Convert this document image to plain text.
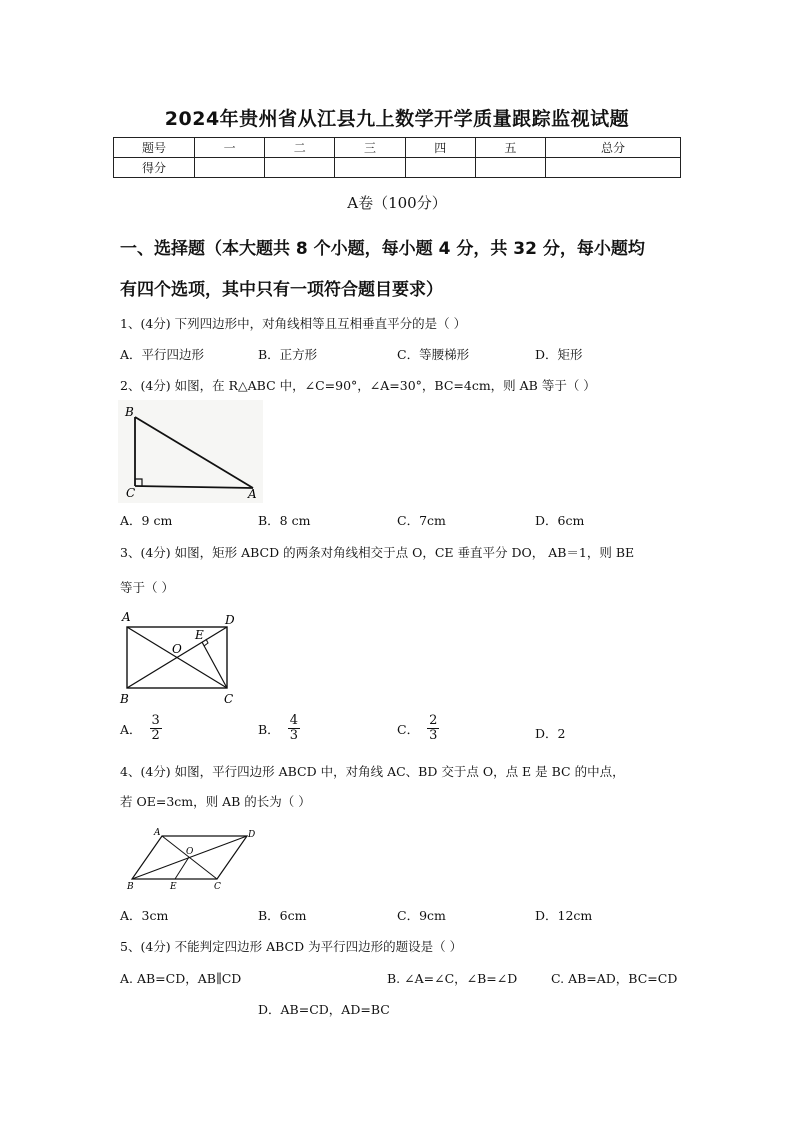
2024年贵州省从江县九上数学开学质量跟踪监视试题
题号	一	二	三	四	五	总分
得分						
A卷（100分）
一、选择题（本大题共 8 个小题，每小题 4 分，共 32 分，每小题均
有四个选项，其中只有一项符合题目要求）
1、(4分) 下列四边形中，对角线相等且互相垂直平分的是（ ）
A．平行四边形	B．正方形	C．等腰梯形	D．矩形
2、(4分) 如图，在 R△ABC 中，∠C=90°，∠A=30°，BC=4cm，则 AB 等于（ ）
B
C	A
A．9 cm	B．8 cm	C．7cm	D．6cm
3、(4分) 如图，矩形 ABCD 的两条对角线相交于点 O，CE 垂直平分 DO， AB＝1，则 BE
等于（ ）
A	D
E
O
B	C
A． $\frac{3}{2}$	B． $\frac{4}{3}$	C． $\frac{2}{3}$	D．2
4、(4分) 如图，平行四边形 ABCD 中，对角线 AC、BD 交于点 O，点 E 是 BC 的中点，
若 OE=3cm，则 AB 的长为（ ）
A	D
O
B	E	C
A．3cm	B．6cm	C．9cm	D．12cm
5、(4分) 不能判定四边形 ABCD 为平行四边形的题设是（ ）
A. AB=CD，AB∥CD	B. ∠A=∠C，∠B=∠D	C. AB=AD，BC=CD
D．AB=CD，AD=BC
